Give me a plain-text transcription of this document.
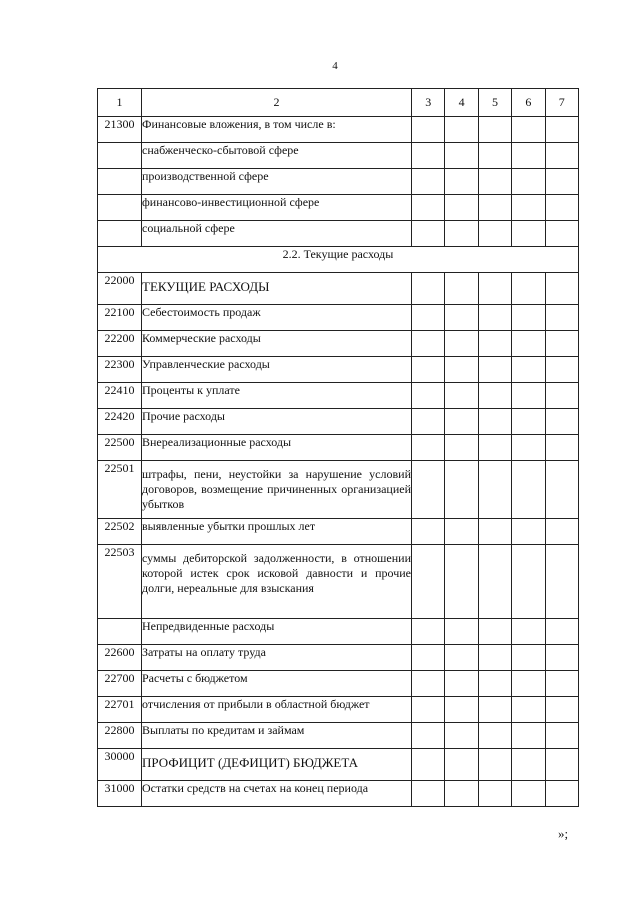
4
1	2	3	4	5	6	7
21300	Финансовые вложения, в том числе в:					
	снабженческо-сбытовой сфере					
	производственной сфере					
	финансово-инвестиционной сфере					
	социальной сфере					
2.2. Текущие расходы						
22000	ТЕКУЩИЕ РАСХОДЫ					
22100	Себестоимость продаж					
22200	Коммерческие расходы					
22300	Управленческие расходы					
22410	Проценты к уплате					
22420	Прочие расходы					
22500	Внереализационные расходы					
22501	штрафы, пени, неустойки за нарушение условий договоров, возмещение причиненных организацией убытков					
22502	выявленные убытки прошлых лет					
22503	суммы дебиторской задолженности, в отношении которой истек срок исковой давности и прочие долги, нереальные для взыскания					
	Непредвиденные расходы					
22600	Затраты на оплату труда					
22700	Расчеты с бюджетом					
22701	отчисления от прибыли в областной бюджет					
22800	Выплаты по кредитам и займам					
30000	ПРОФИЦИТ (ДЕФИЦИТ) БЮДЖЕТА					
31000	Остатки средств на счетах на конец периода					
»;
